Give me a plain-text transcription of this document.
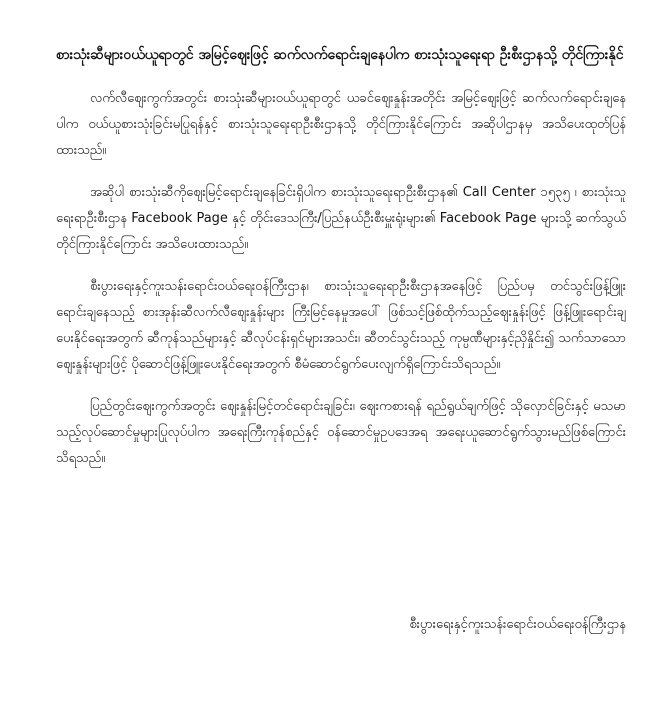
စားသုံးဆီများဝယ်ယူရာတွင် အမြင့်ဈေးဖြင့် ဆက်လက်ရောင်းချနေပါက စားသုံးသူရေးရာ ဦးစီးဌာနသို့ တိုင်ကြားနိုင်

လက်လီဈေးကွက်အတွင်း စားသုံးဆီများဝယ်ယူရာတွင် ယခင်ဈေးနှုန်းအတိုင်း အမြင့်ဈေးဖြင့် ဆက်လက်ရောင်းချနေပါက ဝယ်ယူစားသုံးခြင်းမပြုရန်နှင့် စားသုံးသူရေးရာဦးစီးဌာနသို့ တိုင်ကြားနိုင်ကြောင်း အဆိုပါဌာနမှ အသိပေးထုတ်ပြန်ထားသည်။

အဆိုပါ စားသုံးဆီကိုဈေးမြင့်ရောင်းချနေခြင်းရှိပါက စားသုံးသူရေးရာဦးစီးဌာန၏ Call Center ၁၅၃၅ ၊ စားသုံးသူရေးရာဦးစီးဌာန Facebook Page နှင့် တိုင်းဒေသကြီး/ပြည်နယ်ဦးစီးမှူးရုံးများ၏ Facebook Page များသို့ ဆက်သွယ်တိုင်ကြားနိုင်ကြောင်း အသိပေးထားသည်။

စီးပွားရေးနှင့်ကူးသန်းရောင်းဝယ်ရေးဝန်ကြီးဌာန၊ စားသုံးသူရေးရာဦးစီးဌာနအနေဖြင့် ပြည်ပမှ တင်သွင်းဖြန့်ဖြူးရောင်းချနေသည့် စားအုန်းဆီလက်လီဈေးနှုန်းများ ကြီးမြင့်နေမှုအပေါ် ဖြစ်သင့်ဖြစ်ထိုက်သည့်ဈေးနှုန်းဖြင့် ဖြန့်ဖြူးရောင်းချပေးနိုင်ရေးအတွက် ဆီကုန်သည်များနှင့် ဆီလုပ်ငန်းရှင်များအသင်း၊ ဆီတင်သွင်းသည့် ကုမ္ပဏီများနှင့်ညှိနှိုင်း၍ သက်သာသောဈေးနှုန်းများဖြင့် ပိုဆောင်ဖြန့်ဖြူးပေးနိုင်ရေးအတွက် စီမံဆောင်ရွက်ပေးလျက်ရှိကြောင်းသိရသည်။

ပြည်တွင်းဈေးကွက်အတွင်း ဈေးနှုန်းမြင့်တင်ရောင်းချခြင်း၊ ဈေးကစားရန် ရည်ရွယ်ချက်ဖြင့် သိုလှောင်ခြင်းနှင့် မသမာသည့်လုပ်ဆောင်မှုများပြုလုပ်ပါက အရေးကြီးကုန်စည်နှင့် ဝန်ဆောင်မှုဥပဒေအရ အရေးယူဆောင်ရွက်သွားမည်ဖြစ်ကြောင်းသိရသည်။

စီးပွားရေးနှင့်ကူးသန်းရောင်းဝယ်ရေးဝန်ကြီးဌာန
